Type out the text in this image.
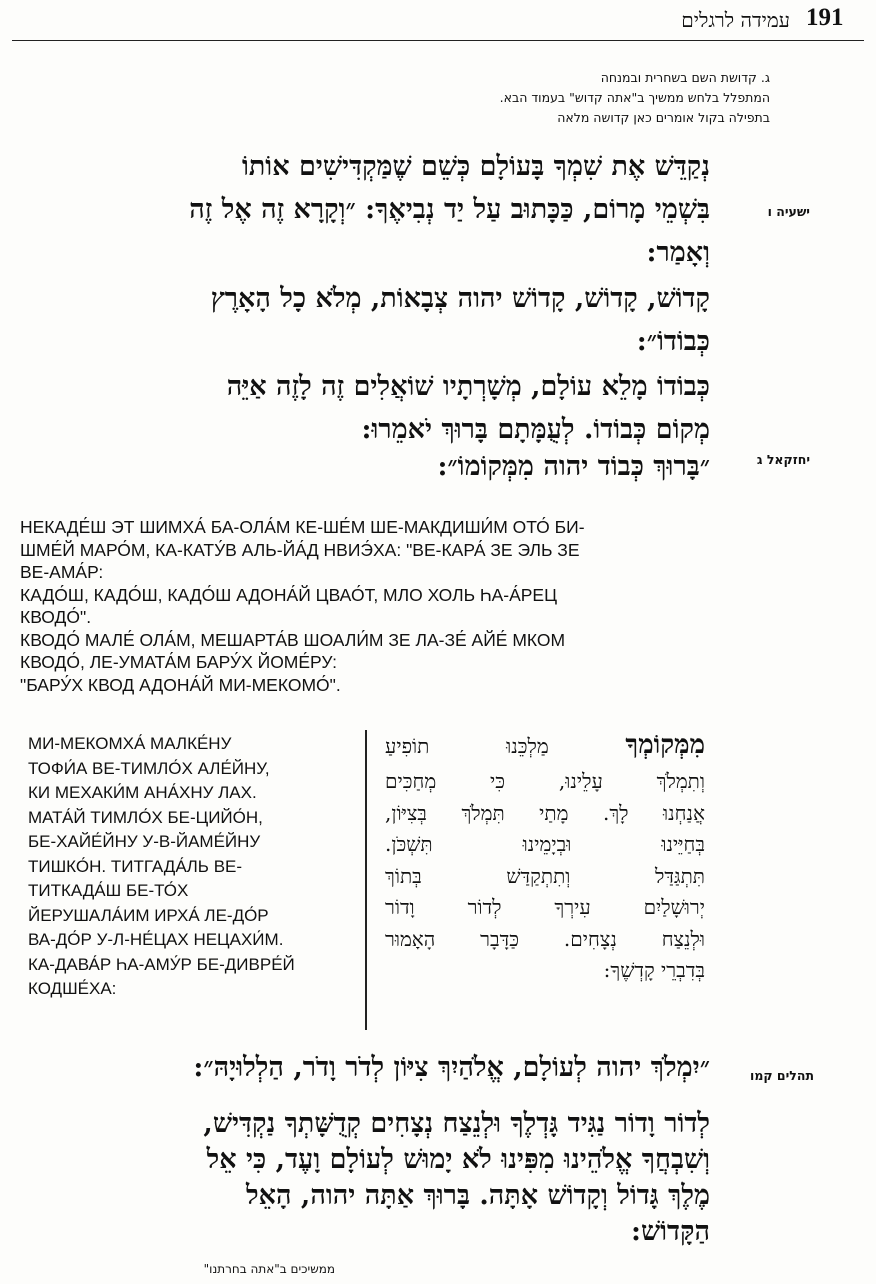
191
עמידה לרגלים
ג. קדושת השם בשחרית ובמנחה
המתפלל בלחש ממשיך ב"אתה קדוש" בעמוד הבא.
בתפילה בקול אומרים כאן קדושה מלאה
נְקַדֵּשׁ אֶת שִׁמְךָ בָּעוֹלָם כְּשֵׁם שֶׁמַּקְדִּישִׁים אוֹתוֹ
בִּשְׁמֵי מָרוֹם, כַּכָּתוּב עַל יַד נְבִיאֶךָ: ״וְקָרָא זֶה אֶל זֶה
וְאָמַר:
קָדוֹשׁ, קָדוֹשׁ, קָדוֹשׁ יהוה צְבָאוֹת, מְלֹא כָל הָאָרֶץ
כְּבוֹדוֹ״:
כְּבוֹדוֹ מָלֵא עוֹלָם, מְשָׁרְתָיו שׁוֹאֲלִים זֶה לָזֶה אַיֵּה
מְקוֹם כְּבוֹדוֹ. לְעֻמָּתָם בָּרוּךְ יֹאמֵרוּ:
״בָּרוּךְ כְּבוֹד יהוה מִמְּקוֹמוֹ״:
ישעיה ו
יחזקאל ג
תהלים קמו
НЕКАДЕ́Ш ЭТ ШИМХА́ БА-ОЛА́М КЕ-ШЕ́М ШЕ-МАКДИШИ́М ОТО́ БИ-
ШМЕ́Й МАРО́М, КА-КАТУ́В АЛЬ-ЙА́Д НВИЭ́ХА: "ВЕ-КАРА́ ЗЕ ЭЛЬ ЗЕ
ВЕ-АМА́Р:
КАДО́Ш, КАДО́Ш, КАДО́Ш АДОНА́Й ЦВАО́Т, МЛО ХОЛЬ ҺА-А́РЕЦ
КВОДО́".
КВОДО́ МАЛЕ́ ОЛА́М, МЕШАРТА́В ШОАЛИ́М ЗЕ ЛА-ЗЕ́ АЙЕ́ МКОМ
КВОДО́, ЛЕ-УМАТА́М БАРУ́Х ЙОМЕ́РУ:
"БАРУ́Х КВОД АДОНА́Й МИ-МЕКОМО́".
МИ-МЕКОМХА́ МАЛКЕ́НУ
ТОФИ́А ВЕ-ТИМЛО́Х АЛЕ́ЙНУ,
КИ МЕХАКИ́М АНА́ХНУ ЛАХ.
МАТА́Й ТИМЛО́Х БЕ-ЦИЙО́Н,
БЕ-ХАЙЕ́ЙНУ У-В-ЙАМЕ́ЙНУ
ТИШКО́Н. ТИТГАДА́ЛЬ ВЕ-
ТИТКАДА́Ш БЕ-ТО́Х
ЙЕРУШАЛА́ИМ ИРХА́ ЛЕ-ДО́Р
ВА-ДО́Р У-Л-НЕ́ЦАХ НЕЦАХИ́М.
КА-ДАВА́Р ҺА-АМУ́Р БЕ-ДИВРЕ́Й
КОДШЕ́ХА:
מִמְּקוֹמְךָ מַלְכֵּנוּ תוֹפִיעַ
וְתִמְלֹךְ עָלֵינוּ, כִּי מְחַכִּים
אֲנַחְנוּ לָךְ. מָתַי תִּמְלֹךְ בְּצִיּוֹן,
בְּחַיֵּינוּ וּבְיָמֵינוּ תִּשְׁכֹּן.
תִּתְגַּדַּל וְתִתְקַדַּשׁ בְּתוֹךְ
יְרוּשָׁלַיִם עִירְךָ לְדוֹר וָדוֹר
וּלְנֵצַח נְצָחִים. כַּדָּבָר הָאָמוּר
בְּדִבְרֵי קָדְשֶׁךָ:
״יִמְלֹךְ יהוה לְעוֹלָם, אֱלֹהַיִךְ צִיּוֹן לְדֹר וָדֹר, הַלְלוּיָהּ״:
לְדוֹר וָדוֹר נַגִּיד גָּדְלֶךָ וּלְנֵצַח נְצָחִים קְדֻשָּׁתְךָ נַקְדִּישׁ,
וְשִׁבְחֲךָ אֱלֹהֵינוּ מִפִּינוּ לֹא יָמוּשׁ לְעוֹלָם וָעֶד, כִּי אֵל
מֶלֶךְ גָּדוֹל וְקָדוֹשׁ אָתָּה. בָּרוּךְ אַתָּה יהוה, הָאֵל
הַקָּדוֹשׁ:
ממשיכים ב"אתה בחרתנו"
